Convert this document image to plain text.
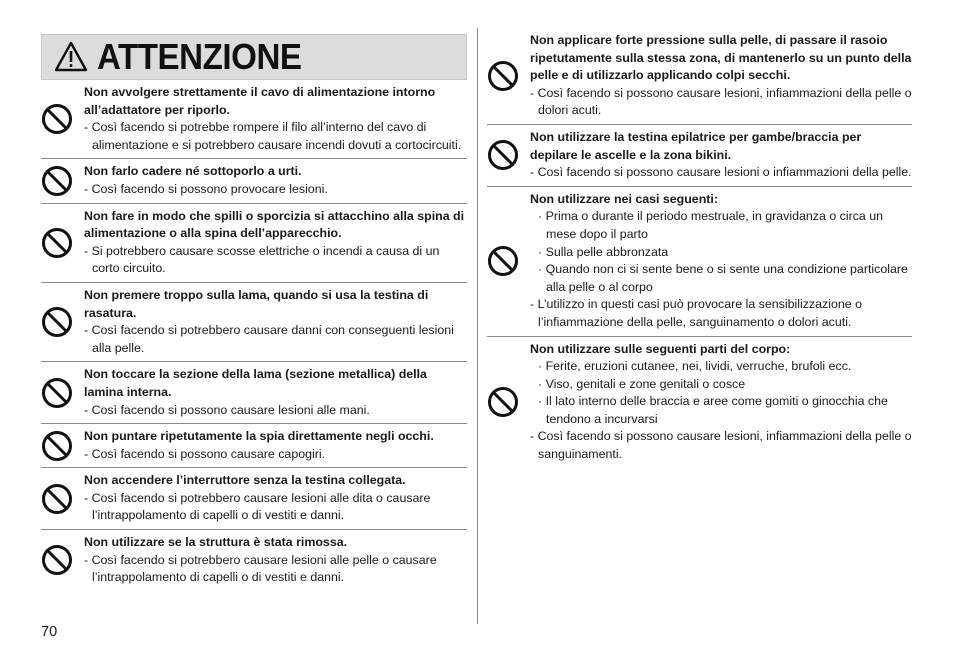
ATTENZIONE
Non avvolgere strettamente il cavo di alimentazione intorno all’adattatore per riporlo.
- Così facendo si potrebbe rompere il filo all’interno del cavo di alimentazione e si potrebbero causare incendi dovuti a cortocircuiti.
Non farlo cadere né sottoporlo a urti.
- Così facendo si possono provocare lesioni.
Non fare in modo che spilli o sporcizia si attacchino alla spina di alimentazione o alla spina dell’apparecchio.
- Si potrebbero causare scosse elettriche o incendi a causa di un corto circuito.
Non premere troppo sulla lama, quando si usa la testina di rasatura.
- Così facendo si potrebbero causare danni con conseguenti lesioni alla pelle.
Non toccare la sezione della lama (sezione metallica) della lamina interna.
- Così facendo si possono causare lesioni alle mani.
Non puntare ripetutamente la spia direttamente negli occhi.
- Così facendo si possono causare capogiri.
Non accendere l’interruttore senza la testina collegata.
- Così facendo si potrebbero causare lesioni alle dita o causare l’intrappolamento di capelli o di vestiti e danni.
Non utilizzare se la struttura è stata rimossa.
- Così facendo si potrebbero causare lesioni alle pelle o causare l’intrappolamento di capelli o di vestiti e danni.
Non applicare forte pressione sulla pelle, di passare il rasoio ripetutamente sulla stessa zona, di mantenerlo su un punto della pelle e di utilizzarlo applicando colpi secchi.
- Così facendo si possono causare lesioni, infiammazioni della pelle o dolori acuti.
Non utilizzare la testina epilatrice per gambe/braccia per depilare le ascelle e la zona bikini.
- Così facendo si possono causare lesioni o infiammazioni della pelle.
Non utilizzare nei casi seguenti:
· Prima o durante il periodo mestruale, in gravidanza o circa un mese dopo il parto
· Sulla pelle abbronzata
· Quando non ci si sente bene o si sente una condizione particolare alla pelle o al corpo
- L’utilizzo in questi casi può provocare la sensibilizzazione o l’infiammazione della pelle, sanguinamento o dolori acuti.
Non utilizzare sulle seguenti parti del corpo:
· Ferite, eruzioni cutanee, nei, lividi, verruche, brufoli ecc.
· Viso, genitali e zone genitali o cosce
· Il lato interno delle braccia e aree come gomiti o ginocchia che tendono a incurvarsi
- Così facendo si possono causare lesioni, infiammazioni della pelle o sanguinamenti.
70
